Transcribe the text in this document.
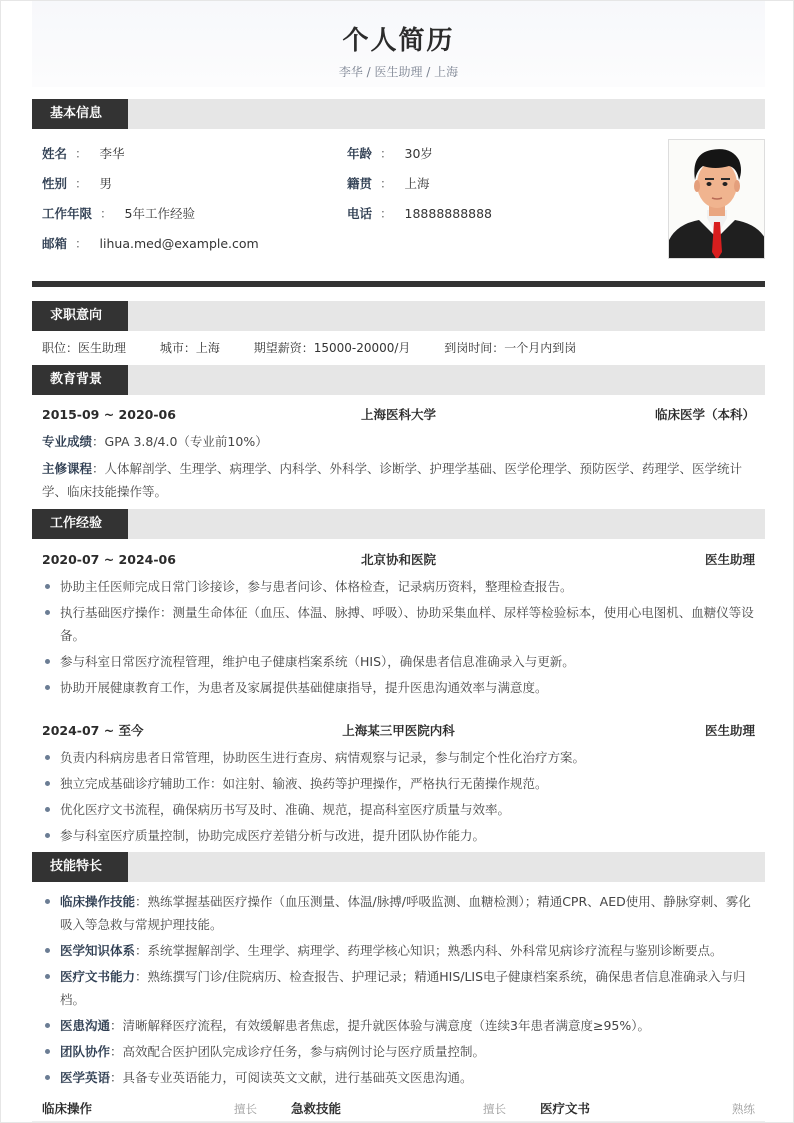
个人简历
李华 / 医生助理 / 上海
基本信息
姓名 ： 李华	年龄 ： 30岁
性别 ： 男	籍贯 ： 上海
工作年限 ： 5年工作经验	电话 ： 18888888888
邮箱 ： lihua.med@example.com
求职意向
职位：医生助理	城市：上海	期望薪资：15000-20000/月	到岗时间：一个月内到岗
教育背景
2015-09 ~ 2020-06	上海医科大学	临床医学（本科）
专业成绩：GPA 3.8/4.0（专业前10%）
主修课程：人体解剖学、生理学、病理学、内科学、外科学、诊断学、护理学基础、医学伦理学、预防医学、药理学、医学统计学、临床技能操作等。
工作经验
2020-07 ~ 2024-06	北京协和医院	医生助理
协助主任医师完成日常门诊接诊，参与患者问诊、体格检查，记录病历资料，整理检查报告。
执行基础医疗操作：测量生命体征（血压、体温、脉搏、呼吸）、协助采集血样、尿样等检验标本，使用心电图机、血糖仪等设备。
参与科室日常医疗流程管理，维护电子健康档案系统（HIS），确保患者信息准确录入与更新。
协助开展健康教育工作，为患者及家属提供基础健康指导，提升医患沟通效率与满意度。
2024-07 ~ 至今	上海某三甲医院内科	医生助理
负责内科病房患者日常管理，协助医生进行查房、病情观察与记录，参与制定个性化治疗方案。
独立完成基础诊疗辅助工作：如注射、输液、换药等护理操作，严格执行无菌操作规范。
优化医疗文书流程，确保病历书写及时、准确、规范，提高科室医疗质量与效率。
参与科室医疗质量控制，协助完成医疗差错分析与改进，提升团队协作能力。
技能特长
临床操作技能：熟练掌握基础医疗操作（血压测量、体温/脉搏/呼吸监测、血糖检测）；精通CPR、AED使用、静脉穿刺、雾化吸入等急救与常规护理技能。
医学知识体系：系统掌握解剖学、生理学、病理学、药理学核心知识；熟悉内科、外科常见病诊疗流程与鉴别诊断要点。
医疗文书能力：熟练撰写门诊/住院病历、检查报告、护理记录；精通HIS/LIS电子健康档案系统，确保患者信息准确录入与归档。
医患沟通：清晰解释医疗流程，有效缓解患者焦虑，提升就医体验与满意度（连续3年患者满意度≥95%）。
团队协作：高效配合医护团队完成诊疗任务，参与病例讨论与医疗质量控制。
医学英语：具备专业英语能力，可阅读英文文献，进行基础英文医患沟通。
临床操作	擅长	急救技能	擅长	医疗文书	熟练
